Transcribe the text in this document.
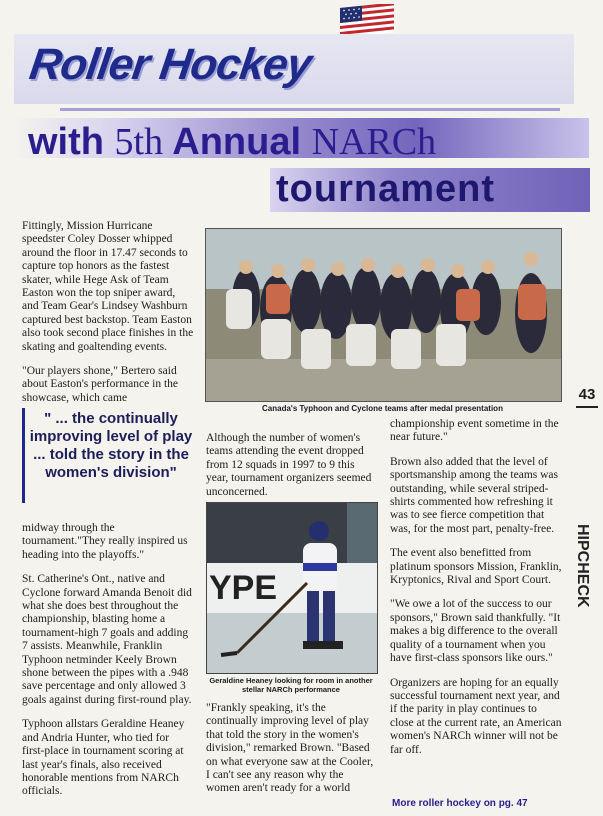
Roller Hockey
with 5th Annual NARCh
tournament

Fittingly, Mission Hurricane speedster Coley Dosser whipped around the floor in 17.47 seconds to capture top honors as the fastest skater, while Hege Ask of Team Easton won the top sniper award, and Team Gear's Lindsey Washburn captured best backstop. Team Easton also took second place finishes in the skating and goaltending events.

"Our players shone," Bertero said about Easton's performance in the showcase, which came

" ... the continually improving level of play ... told the story in the women's division"

midway through the tournament."They really inspired us heading into the playoffs."

St. Catherine's Ont., native and Cyclone forward Amanda Benoit did what she does best throughout the championship, blasting home a tournament-high 7 goals and adding 7 assists. Meanwhile, Franklin Typhoon netminder Keely Brown shone between the pipes with a .948 save percentage and only allowed 3 goals against during first-round play.

Typhoon allstars Geraldine Heaney and Andria Hunter, who tied for first-place in tournament scoring at last year's finals, also received honorable mentions from NARCh officials.

Canada's Typhoon and Cyclone teams after medal presentation

Although the number of women's teams attending the event dropped from 12 squads in 1997 to 9 this year, tournament organizers seemed unconcerned.

YPE
Geraldine Heaney looking for room in another stellar NARCh performance

"Frankly speaking, it's the continually improving level of play that told the story in the women's division," remarked Brown. "Based on what everyone saw at the Cooler, I can't see any reason why the women aren't ready for a world

championship event sometime in the near future."

Brown also added that the level of sportsmanship among the teams was outstanding, while several striped-shirts commented how refreshing it was to see fierce competition that was, for the most part, penalty-free.

The event also benefitted from platinum sponsors Mission, Franklin, Kryptonics, Rival and Sport Court.

"We owe a lot of the success to our sponsors," Brown said thankfully. "It makes a big difference to the overall quality of a tournament when you have first-class sponsors like ours."

Organizers are hoping for an equally successful tournament next year, and if the parity in play continues to close at the current rate, an American women's NARCh winner will not be far off.

More roller hockey on pg. 47
43
HIPCHECK
